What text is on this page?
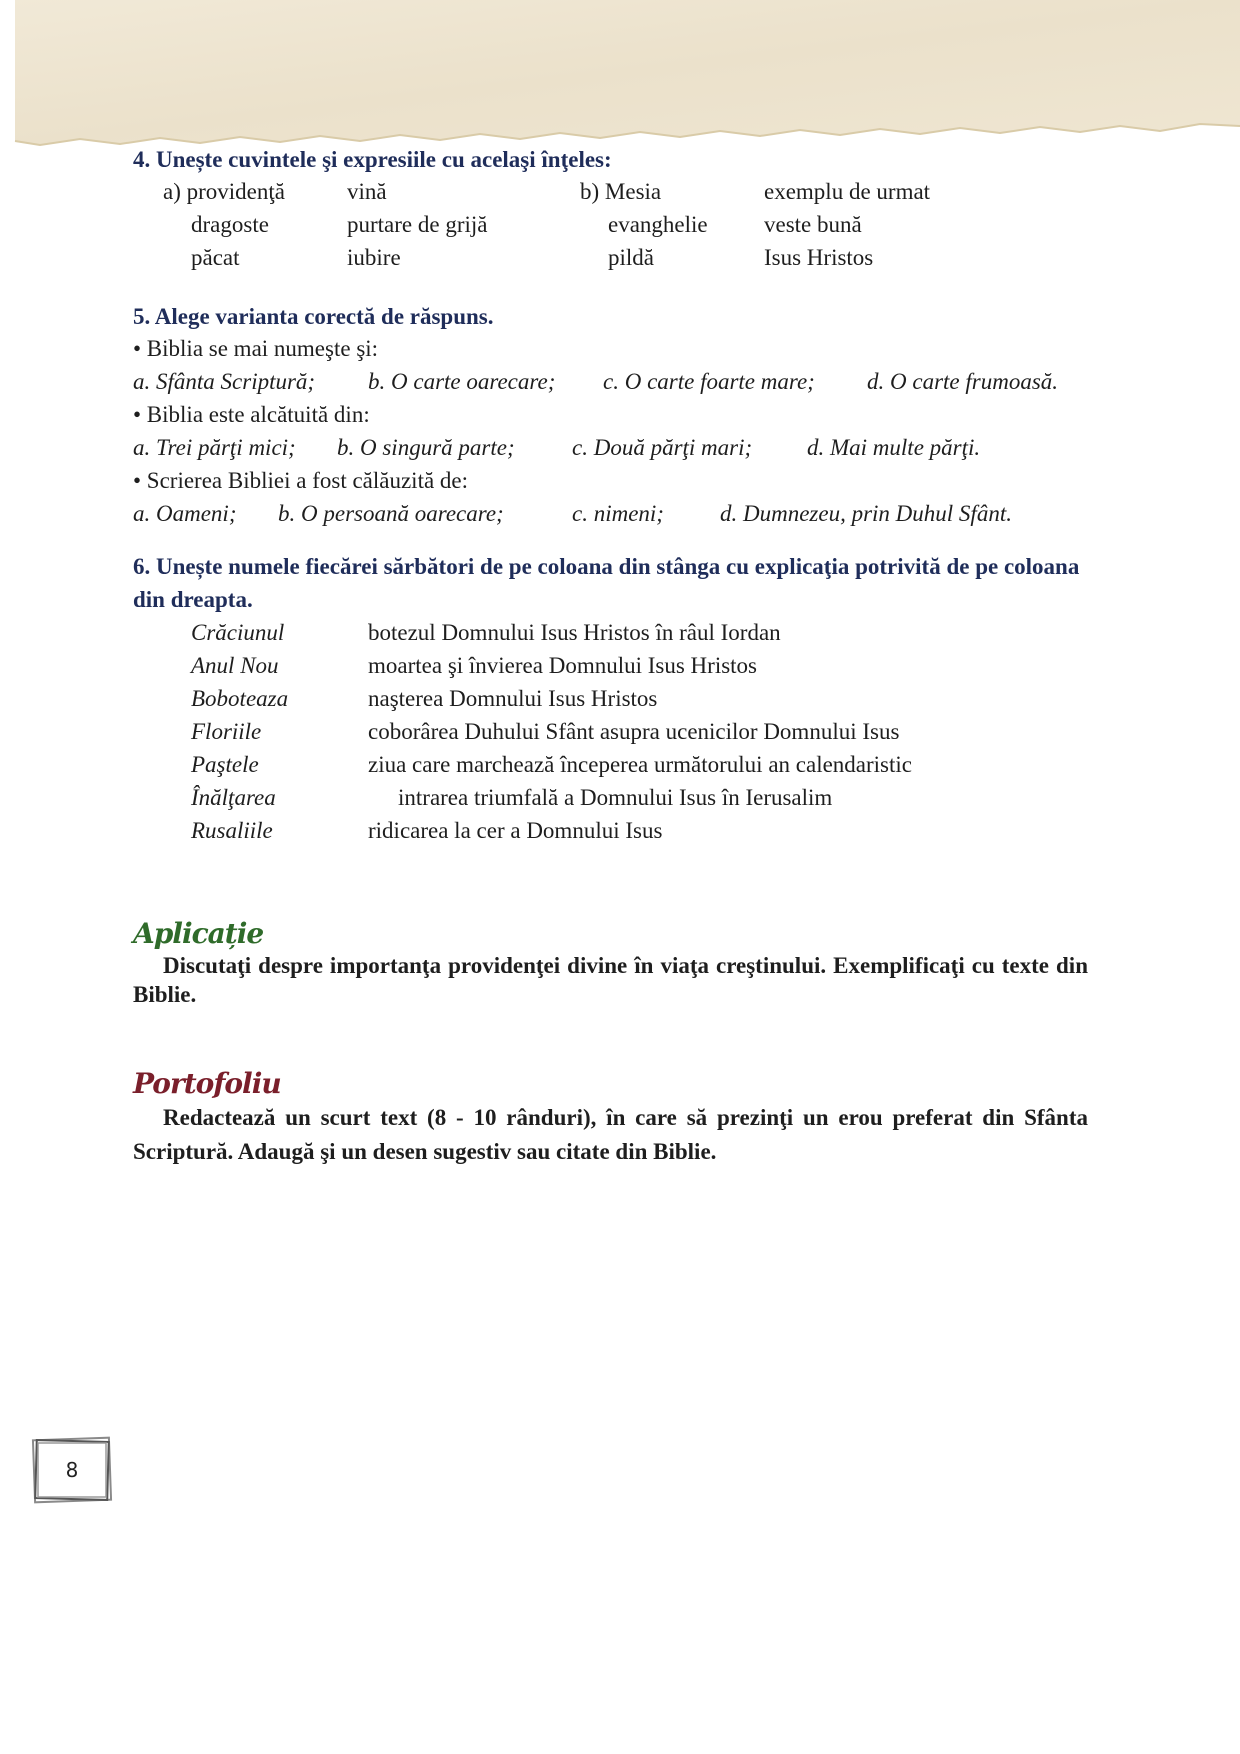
4. Unește cuvintele şi expresiile cu acelaşi înţeles:
a) providenţă	vină	b) Mesia	exemplu de urmat
dragoste	purtare de grijă	evanghelie	veste bună
păcat	iubire	pildă	Isus Hristos
5. Alege varianta corectă de răspuns.
• Biblia se mai numeşte şi:
a. Sfânta Scriptură; b. O carte oarecare; c. O carte foarte mare; d. O carte frumoasă.
• Biblia este alcătuită din:
a. Trei părţi mici; b. O singură parte; c. Două părţi mari; d. Mai multe părţi.
• Scrierea Bibliei a fost călăuzită de:
a. Oameni; b. O persoană oarecare;	c. nimeni; d. Dumnezeu, prin Duhul Sfânt.
6. Unește numele fiecărei sărbători de pe coloana din stânga cu explicaţia potrivită de pe coloana din dreapta.
Crăciunul	botezul Domnului Isus Hristos în râul Iordan
Anul Nou	moartea şi învierea Domnului Isus Hristos
Boboteaza	naşterea Domnului Isus Hristos
Floriile	coborârea Duhului Sfânt asupra ucenicilor Domnului Isus
Paştele	ziua care marchează începerea următorului an calendaristic
Înălţarea	intrarea triumfală a Domnului Isus în Ierusalim
Rusaliile	ridicarea la cer a Domnului Isus
Aplicație
Discutaţi despre importanţa providenţei divine în viaţa creştinului. Exemplificaţi cu texte din Biblie.
Portofoliu
Redactează un scurt text (8 - 10 rânduri), în care să prezinţi un erou preferat din Sfânta Scriptură. Adaugă şi un desen sugestiv sau citate din Biblie.
8
